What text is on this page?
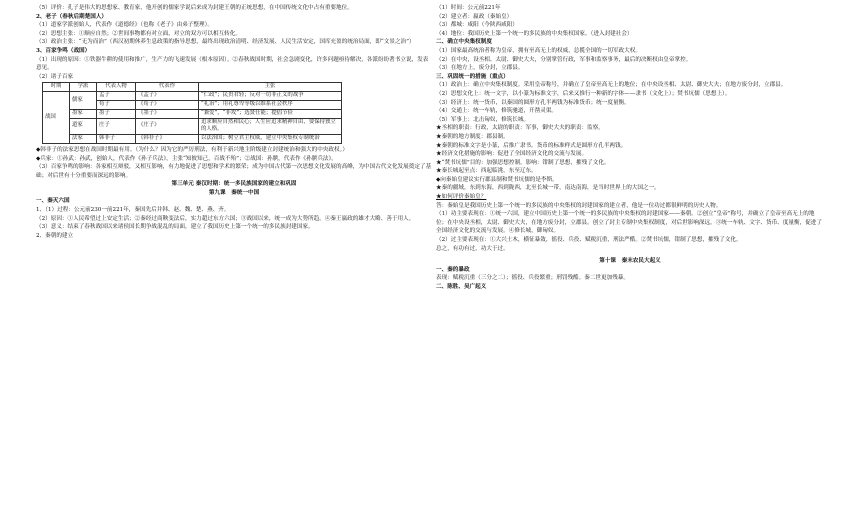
（5）评价：孔子是伟大的思想家、教育家，他开创的儒家学说后来成为封建王朝的正统思想，在中国传统文化中占有重要地位。

2、老子（春秋后期楚国人）

（1）道家学派创始人，代表作《道德经》（也称《老子》由弟子整理）。

（2）思想主张：①顺应自然；②世间事物都有对立面，对立的双方可以相互转化。

（3）政治主张：“无为而治”（西汉初期休养生息政策的指导思想，最终出现政治清明、经济发展、人民生活安定，国库充盈的统治局面，即“文景之治”）

3、百家争鸣（战国）

（1）出现的原因：①铁器牛耕的使用和推广，生产力的飞速发展（根本原因）。②春秋战国时期，社会急剧变化，许多问题亟待解决，各派纷纷著书立说，发表意见。

（2）诸子百家

时期	学派	代表人物	代表作	主张
战国	儒家	孟子	《孟子》	“仁政”；民贵君轻；反对一切非正义的战争
		荀子	《荀子》	“礼治”；用礼尊卑等级以维系社会秩序
	墨家	墨子	《墨子》	“兼爱”，“非攻”；选贤任能；提倡节俭
	道家	庄子	《庄子》	追求顺应自然和民心；人生应追求精神自由，要保持独立的人格。
	法家	韩非子	《韩非子》	以法治国；树立君主权威，建立中央集权专制统治

◆韩非子的法家思想在战国时期最有用。（为什么？因为它的严厉刑法，有利于新兴地主阶级建立封建统治和强大的中央政权。）

◆兵家：①孙武：孙武，创始人，代表作《孙子兵法》，主张“知彼知己，百战不殆”；②战国：孙膑，代表作《孙膑兵法》。

（3）百家争鸣的影响：各家相互辩驳，又相互影响，有力地促进了思想和学术的繁荣；成为中国古代第一次思想文化发展的高峰，为中国古代文化发展奠定了基础；对后世有十分重要而深远的影响。

第三单元 秦汉时期：统一多民族国家的建立和巩固

第九课　秦统一中国

一、秦灭六国

1、（1）过程：公元前230一前221年，秦国先后并韩、赵、魏、楚、燕、齐。

（2）原因：①人民希望过上安定生活；②秦经过商鞅变法后，实力超过东方六国；③战国以来，统一成为大势所趋。④秦王嬴政的雄才大略、善于用人。

（3）意义：结束了春秋战国以来诸侯国长期争战混乱的局面，建立了我国历史上第一个统一的多民族封建国家。

2、秦朝的建立

（1）时间：公元前221年

（2）建立者：嬴政（秦始皇）

（3）都城：咸阳（今陕西咸阳）

（4）地位：我国历史上第一个统一的多民族的中央集权国家。（进入封建社会）

二、确立中央集权制度

（1）国家最高统治者称为皇帝，拥有至高无上的权威，总揽全国的一切军政大权。

（2）在中央，设丞相、太尉、御史大夫，分别掌管行政，军事和监察事务，最后的决断权由皇帝掌控。

（3）在地方上，废分封，立郡县。

三、巩固统一的措施（重点）

（1）政治上：确立中央集权制度。采用皇帝称号，并确立了皇帝至高无上的地位；在中央设丞相、太尉、御史大夫；在地方废分封，立郡县。

（2）思想文化上：统一文字，以小篆为标准文字，后来又推行一种新的字体——隶书（文化上）；焚书坑儒（思想上）。

（3）经济上：统一货币，以秦国的圆形方孔半两钱为标准货币；统一度量衡。

（4）交通上：统一车轨，修筑驰道，开凿灵渠。

（5）军事上：北击匈奴，修筑长城。

★丞相的职责：行政，太尉的职责：军事，御史大夫的职责：监察。

★秦朝的地方制度：郡县制。

★秦朝的标准文字是小篆，后推广隶书。货币的标准样式是圆形方孔半两钱。

★经济文化措施的影响：促进了全国经济文化的交流与发展。

★“焚书坑儒”目的：加强思想控制。影响：钳制了思想，摧残了文化。

★秦长城起至点：西起临洮，东至辽东。

◆向秦始皇建议实行郡县制和焚书坑儒的是李斯。

★秦的疆域，东到东海，西到陇西，北至长城一带，南达南海，是当时世界上的大国之一。

★如何评价秦始皇？

答：秦始皇是我国历史上第一个统一的多民族的中央集权的封建国家的建立者，他是一位功过都很鲜明的历史人物。

（1）功主要表现在：①统一六国，建立中国历史上第一个统一的多民族的中央集权的封建国家——秦朝。②创立“皇帝”称号，并确立了皇帝至高无上的地位；在中央设丞相，太尉、御史大夫，在地方废分封，立郡县。创立了封主专制中央集权制度，对后世影响深远。③统一车轨、文字、货币、度量衡，促进了全国经济文化的交流与发展。④修长城，御匈奴。

（2）过主要表现在：①大兴土木，横征暴敛，徭役、兵役、赋税沉重，刑法严酷。②焚书坑儒，钳制了思想，摧残了文化。

总之，有功有过，功大于过。

第十课　秦末农民大起义

一、秦的暴政

表现：赋税沉重（三分之二）；徭役、兵役繁重；刑罚残酷。秦二世更加残暴。

二、陈胜、吴广起义
